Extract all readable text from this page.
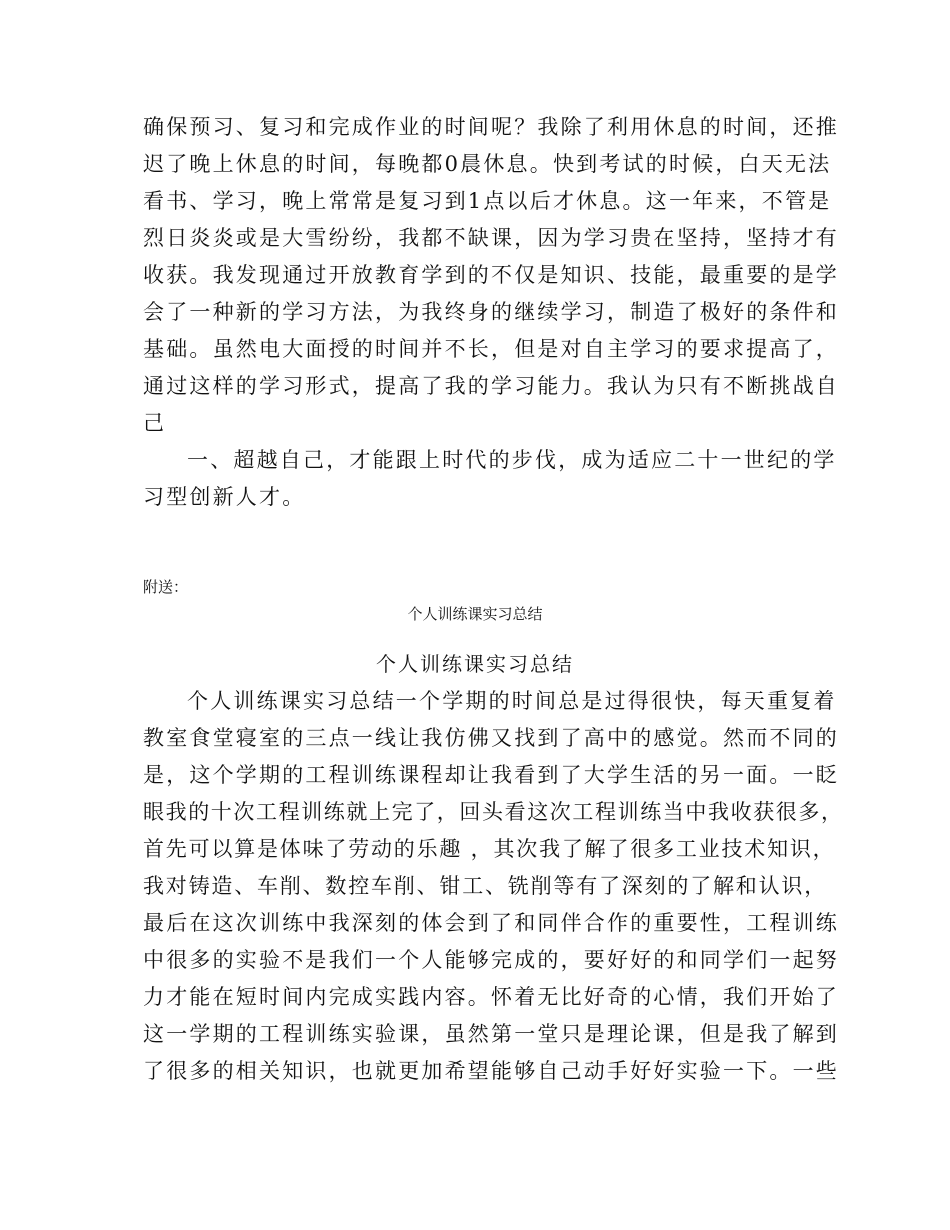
确保预习、复习和完成作业的时间呢？我除了利用休息的时间，还推
迟了晚上休息的时间，每晚都0晨休息。快到考试的时候，白天无法
看书、学习，晚上常常是复习到1点以后才休息。这一年来，不管是
烈日炎炎或是大雪纷纷，我都不缺课，因为学习贵在坚持，坚持才有
收获。我发现通过开放教育学到的不仅是知识、技能，最重要的是学
会了一种新的学习方法，为我终身的继续学习，制造了极好的条件和
基础。虽然电大面授的时间并不长，但是对自主学习的要求提高了，
通过这样的学习形式，提高了我的学习能力。我认为只有不断挑战自
己
一、超越自己，才能跟上时代的步伐，成为适应二十一世纪的学
习型创新人才。
附送：
个人训练课实习总结
个人训练课实习总结
个人训练课实习总结一个学期的时间总是过得很快，每天重复着
教室食堂寝室的三点一线让我仿佛又找到了高中的感觉。然而不同的
是，这个学期的工程训练课程却让我看到了大学生活的另一面。一眨
眼我的十次工程训练就上完了，回头看这次工程训练当中我收获很多，
首先可以算是体味了劳动的乐趣 ，其次我了解了很多工业技术知识，
我对铸造、车削、数控车削、钳工、铣削等有了深刻的了解和认识，
最后在这次训练中我深刻的体会到了和同伴合作的重要性，工程训练
中很多的实验不是我们一个人能够完成的，要好好的和同学们一起努
力才能在短时间内完成实践内容。怀着无比好奇的心情，我们开始了
这一学期的工程训练实验课，虽然第一堂只是理论课，但是我了解到
了很多的相关知识，也就更加希望能够自己动手好好实验一下。一些
